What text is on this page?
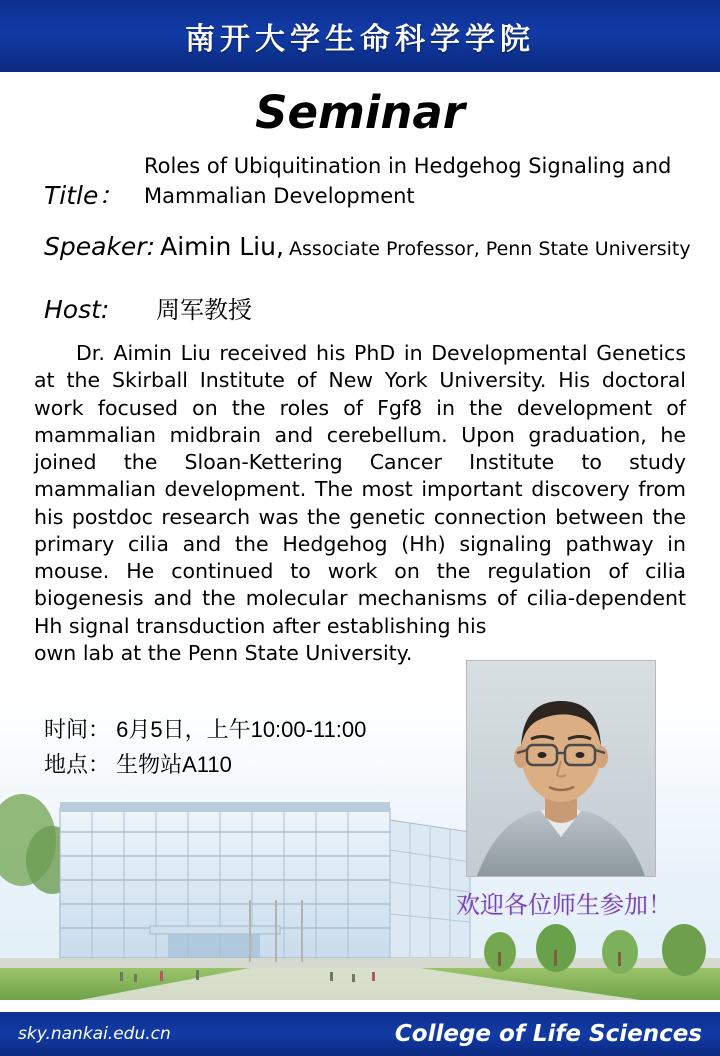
南开大学生命科学学院
Seminar
Title：
Roles of Ubiquitination in Hedgehog Signaling and Mammalian Development
Speaker: Aimin Liu, Associate Professor, Penn State University
Host:	周军教授
Dr. Aimin Liu received his PhD in Developmental Genetics at the Skirball Institute of New York University. His doctoral work focused on the roles of Fgf8 in the development of mammalian midbrain and cerebellum. Upon graduation, he joined the Sloan-Kettering Cancer Institute to study mammalian development. The most important discovery from his postdoc research was the genetic connection between the primary cilia and the Hedgehog (Hh) signaling pathway in mouse. He continued to work on the regulation of cilia biogenesis and the molecular mechanisms of cilia-dependent Hh signal transduction after establishing his
own lab at the Penn State University.
时间： 6月5日，上午10:00-11:00
地点： 生物站A110
欢迎各位师生参加！
sky.nankai.edu.cn	College of Life Sciences
